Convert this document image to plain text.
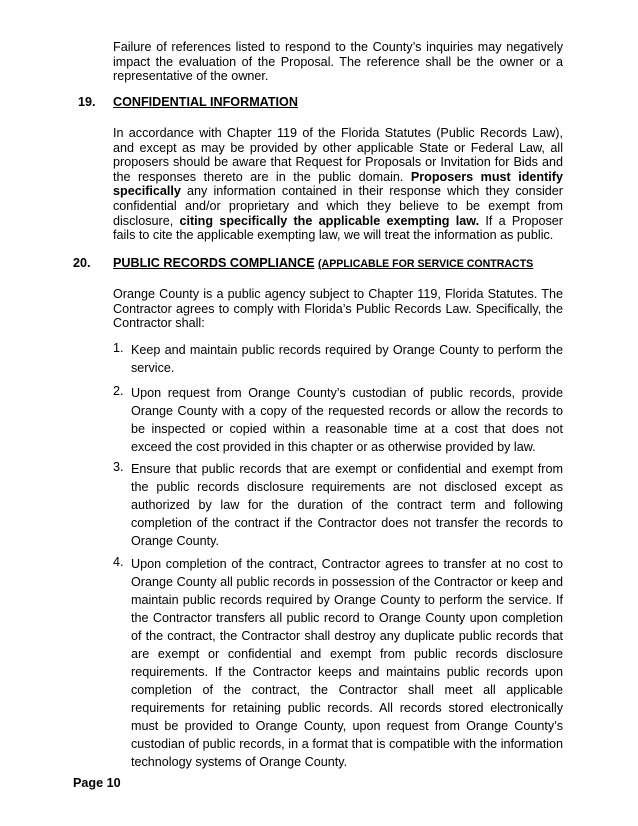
Failure of references listed to respond to the County’s inquiries may negatively impact the evaluation of the Proposal. The reference shall be the owner or a representative of the owner.

19. CONFIDENTIAL INFORMATION

In accordance with Chapter 119 of the Florida Statutes (Public Records Law), and except as may be provided by other applicable State or Federal Law, all proposers should be aware that Request for Proposals or Invitation for Bids and the responses thereto are in the public domain. Proposers must identify specifically any information contained in their response which they consider confidential and/or proprietary and which they believe to be exempt from disclosure, citing specifically the applicable exempting law. If a Proposer fails to cite the applicable exempting law, we will treat the information as public.

20. PUBLIC RECORDS COMPLIANCE (APPLICABLE FOR SERVICE CONTRACTS

Orange County is a public agency subject to Chapter 119, Florida Statutes. The Contractor agrees to comply with Florida’s Public Records Law. Specifically, the Contractor shall:

1. Keep and maintain public records required by Orange County to perform the service.
2. Upon request from Orange County’s custodian of public records, provide Orange County with a copy of the requested records or allow the records to be inspected or copied within a reasonable time at a cost that does not exceed the cost provided in this chapter or as otherwise provided by law.
3. Ensure that public records that are exempt or confidential and exempt from the public records disclosure requirements are not disclosed except as authorized by law for the duration of the contract term and following completion of the contract if the Contractor does not transfer the records to Orange County.
4. Upon completion of the contract, Contractor agrees to transfer at no cost to Orange County all public records in possession of the Contractor or keep and maintain public records required by Orange County to perform the service. If the Contractor transfers all public record to Orange County upon completion of the contract, the Contractor shall destroy any duplicate public records that are exempt or confidential and exempt from public records disclosure requirements. If the Contractor keeps and maintains public records upon completion of the contract, the Contractor shall meet all applicable requirements for retaining public records. All records stored electronically must be provided to Orange County, upon request from Orange County’s custodian of public records, in a format that is compatible with the information technology systems of Orange County.

Page 10
